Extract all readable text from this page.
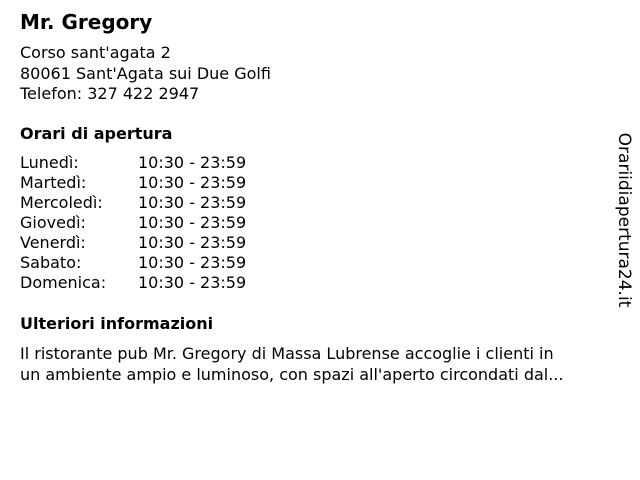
Mr. Gregory
Corso sant'agata 2
80061 Sant'Agata sui Due Golfi
Telefon: 327 422 2947
Orari di apertura
Lunedì:	10:30 - 23:59
Martedì:	10:30 - 23:59
Mercoledì: 10:30 - 23:59
Giovedì:	10:30 - 23:59
Venerdì:	10:30 - 23:59
Sabato:	10:30 - 23:59
Domenica: 10:30 - 23:59
Ulteriori informazioni
Il ristorante pub Mr. Gregory di Massa Lubrense accoglie i clienti in
un ambiente ampio e luminoso, con spazi all'aperto circondati dal...
Orariidiapertura24.it
